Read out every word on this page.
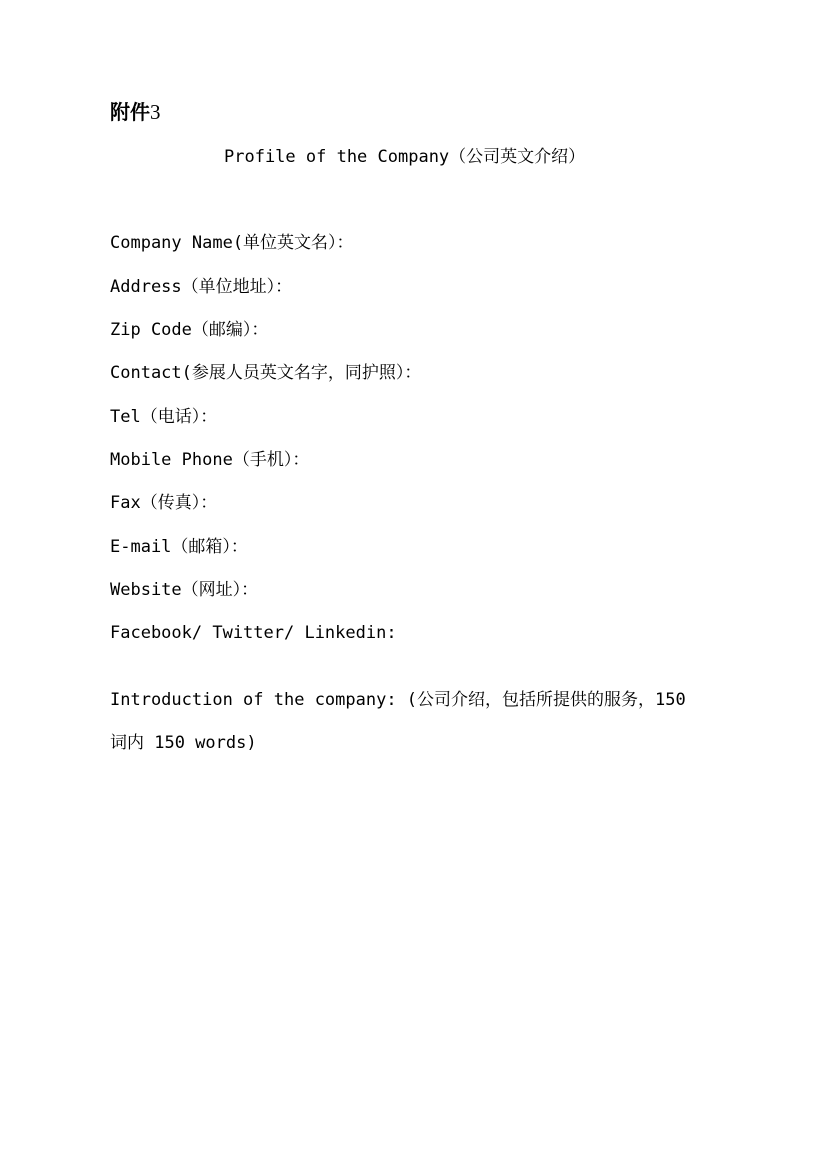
附件3
Profile of the Company（公司英文介绍）
Company Name(单位英文名）：
Address（单位地址）：
Zip Code（邮编）：
Contact(参展人员英文名字，同护照）：
Tel（电话）：
Mobile Phone（手机）：
Fax（传真）：
E-mail（邮箱）：
Website（网址）：
Facebook/ Twitter/ Linkedin:
Introduction of the company: (公司介绍，包括所提供的服务，150
词内 150 words)
